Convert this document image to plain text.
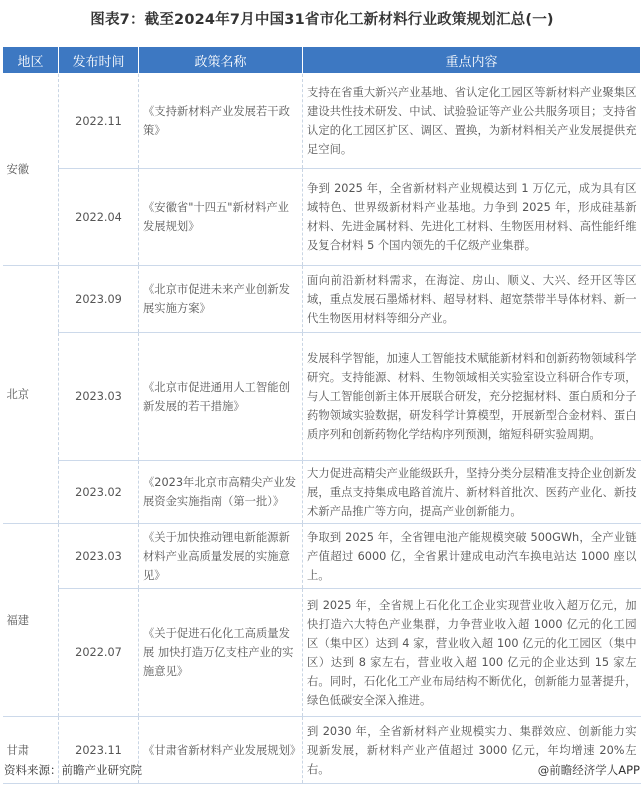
图表7：截至2024年7月中国31省市化工新材料行业政策规划汇总(一)
地区	发布时间	政策名称	重点内容
安徽	2022.11	《支持新材料产业发展若干政策》	支持在省重大新兴产业基地、省认定化工园区等新材料产业聚集区建设共性技术研发、中试、试验验证等产业公共服务项目；支持省认定的化工园区扩区、调区、置换，为新材料相关产业发展提供充足空间。
	2022.04	《安徽省"十四五"新材料产业发展规划》	争到 2025 年，全省新材料产业规模达到 1 万亿元，成为具有区域特色、世界级新材料产业基地。力争到 2025 年，形成硅基新材料、先进金属材料、先进化工材料、生物医用材料、高性能纤维及复合材料 5 个国内领先的千亿级产业集群。
北京	2023.09	《北京市促进未来产业创新发展实施方案》	面向前沿新材料需求，在海淀、房山、顺义、大兴、经开区等区域，重点发展石墨烯材料、超导材料、超宽禁带半导体材料、新一代生物医用材料等细分产业。
	2023.03	《北京市促进通用人工智能创新发展的若干措施》	发展科学智能，加速人工智能技术赋能新材料和创新药物领域科学研究。支持能源、材料、生物领域相关实验室设立科研合作专项，与人工智能创新主体开展联合研发，充分挖掘材料、蛋白质和分子药物领域实验数据，研发科学计算模型，开展新型合金材料、蛋白质序列和创新药物化学结构序列预测，缩短科研实验周期。
	2023.02	《2023年北京市高精尖产业发展资金实施指南（第一批）》	大力促进高精尖产业能级跃升，坚持分类分层精准支持企业创新发展，重点支持集成电路首流片、新材料首批次、医药产业化、新技术新产品推广等方向，提高产业创新能力。
福建	2023.03	《关于加快推动锂电新能源新材料产业高质量发展的实施意见》	争取到 2025 年，全省锂电池产能规模突破 500GWh，全产业链产值超过 6000 亿，全省累计建成电动汽车换电站达 1000 座以上。
	2022.07	《关于促进石化化工高质量发展 加快打造万亿支柱产业的实施意见》	到 2025 年，全省规上石化化工企业实现营业收入超万亿元，加快打造六大特色产业集群，力争营业收入超 1000 亿元的化工园区（集中区）达到 4 家，营业收入超 100 亿元的化工园区（集中区）达到 8 家左右，营业收入超 100 亿元的企业达到 15 家左右。同时，石化化工产业布局结构不断优化，创新能力显著提升，绿色低碳安全深入推进。
甘肃	2023.11	《甘肃省新材料产业发展规划》	到 2030 年，全省新材料产业规模实力、集群效应、创新能力实现新发展，新材料产业产值超过 3000 亿元，年均增速 20%左右。
资料来源：前瞻产业研究院	@前瞻经济学人APP
